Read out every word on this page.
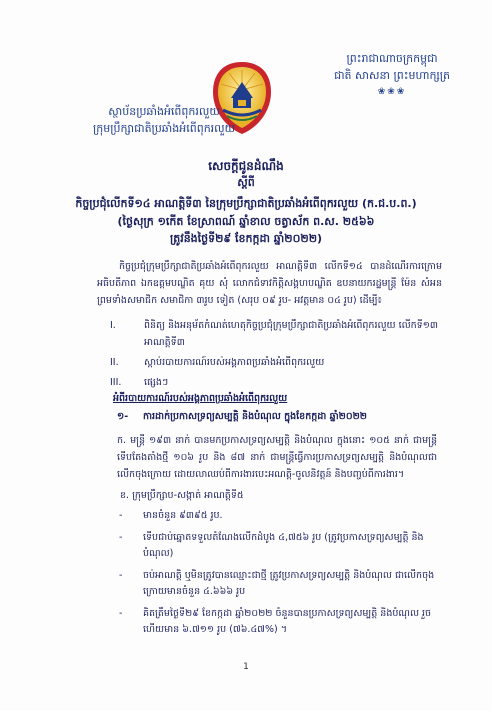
ព្រះរាជាណាចក្រកម្ពុជា
ជាតិ សាសនា ព្រះមហាក្សត្រ
❀❀❀
ស្ថាប័នប្រឆាំងអំពើពុករលួយ
ក្រុមប្រឹក្សាជាតិប្រឆាំងអំពើពុករលួយ
សេចក្ដីជូនដំណឹង
ស្ដីពី
កិច្ចប្រជុំលើកទី១៤ អាណត្តិទី៣ នៃក្រុមប្រឹក្សាជាតិប្រឆាំងអំពើពុករលួយ (ក.ជ.ប.ព.)
(ថ្ងៃសុក្រ ១កើត ខែស្រាពណ៍ ឆ្នាំខាល ចត្វាស័ក ព.ស. ២៥៦៦
ត្រូវនឹងថ្ងៃទី២៩ ខែកក្កដា ឆ្នាំ២០២២)
កិច្ចប្រជុំក្រុមប្រឹក្សាជាតិប្រឆាំងអំពើពុករលួយ អាណត្តិទី៣ លើកទី១៤ បានដំណើរការក្រោមអធិបតីភាព ឯកឧត្ដមបណ្ឌិត គុយ សុំ លោកជំទាវកិត្តិសង្គហបណ្ឌិត ឧបនាយករដ្ឋមន្ត្រី ម៉ែន សំអន ព្រមទាំងសមាជិក សមាជិកា ៣រូប ទៀត (សរុប ០៩ រូប- អវត្ដមាន ០៤ រូប) ដើម្បី៖
I.	ពិនិត្យ និងអនុម័តកំណត់ហេតុកិច្ចប្រជុំក្រុមប្រឹក្សាជាតិប្រឆាំងអំពើពុករលួយ លើកទី១៣
អាណត្តិទី៣
II.	ស្ដាប់របាយការណ៍របស់អង្គភាពប្រឆាំងអំពើពុករលួយ
III. ផ្សេងៗ
អំពីរបាយការណ៍របស់អង្គភាពប្រឆាំងអំពើពុករលួយ
១- ការដាក់ប្រកាសទ្រព្យសម្បត្តិ និងបំណុល ក្នុងខែកក្កដា ឆ្នាំ២០២២
ក. មន្ត្រី ១៩៣ នាក់ បានមកប្រកាសទ្រព្យសម្បត្តិ និងបំណុល ក្នុងនោះ ១០៥ នាក់ ជាមន្ត្រីទើបតែងតាំងថ្មី ១០៦ រូប និង ៨៧ នាក់ ជាមន្ត្រីធ្វើការប្រកាសទ្រព្យសម្បត្តិ និងបំណុលជាលើកចុងក្រោយ ដោយលាឈប់ពីការងារបេះអណត្តិ-ចូលនិវត្តន៍ និងបញ្ចប់ពីការងារ។
ខ. ក្រុមប្រឹក្សាប-សង្កាត់ អាណត្តិទី៥
- មានចំនួន ៩៣៩៥ រូប.
- ទើបជាប់ឆ្នោតទទួលតំណែងលើកដំបូង ៤,៧៥៦ រូប (ត្រូវប្រកាសទ្រព្យសម្បត្តិ និងបំណុល)
- ចប់អាណត្តិ ឬមិនត្រូវបានឈ្មោះជាថ្មី ត្រូវប្រកាសទ្រព្យសម្បត្តិ និងបំណុល ជាលើកចុងក្រោយមានចំនួន ៤.៦៦៦ រូប
- គិតត្រឹមថ្ងៃទី២៩ ខែកក្កដា ឆ្នាំ២០២២ ចំនួនបានប្រកាសទ្រព្យសម្បត្តិ និងបំណុល រួចហើយមាន ៦.៧១១ រូប (៧៦.៤៧%) ។
1
